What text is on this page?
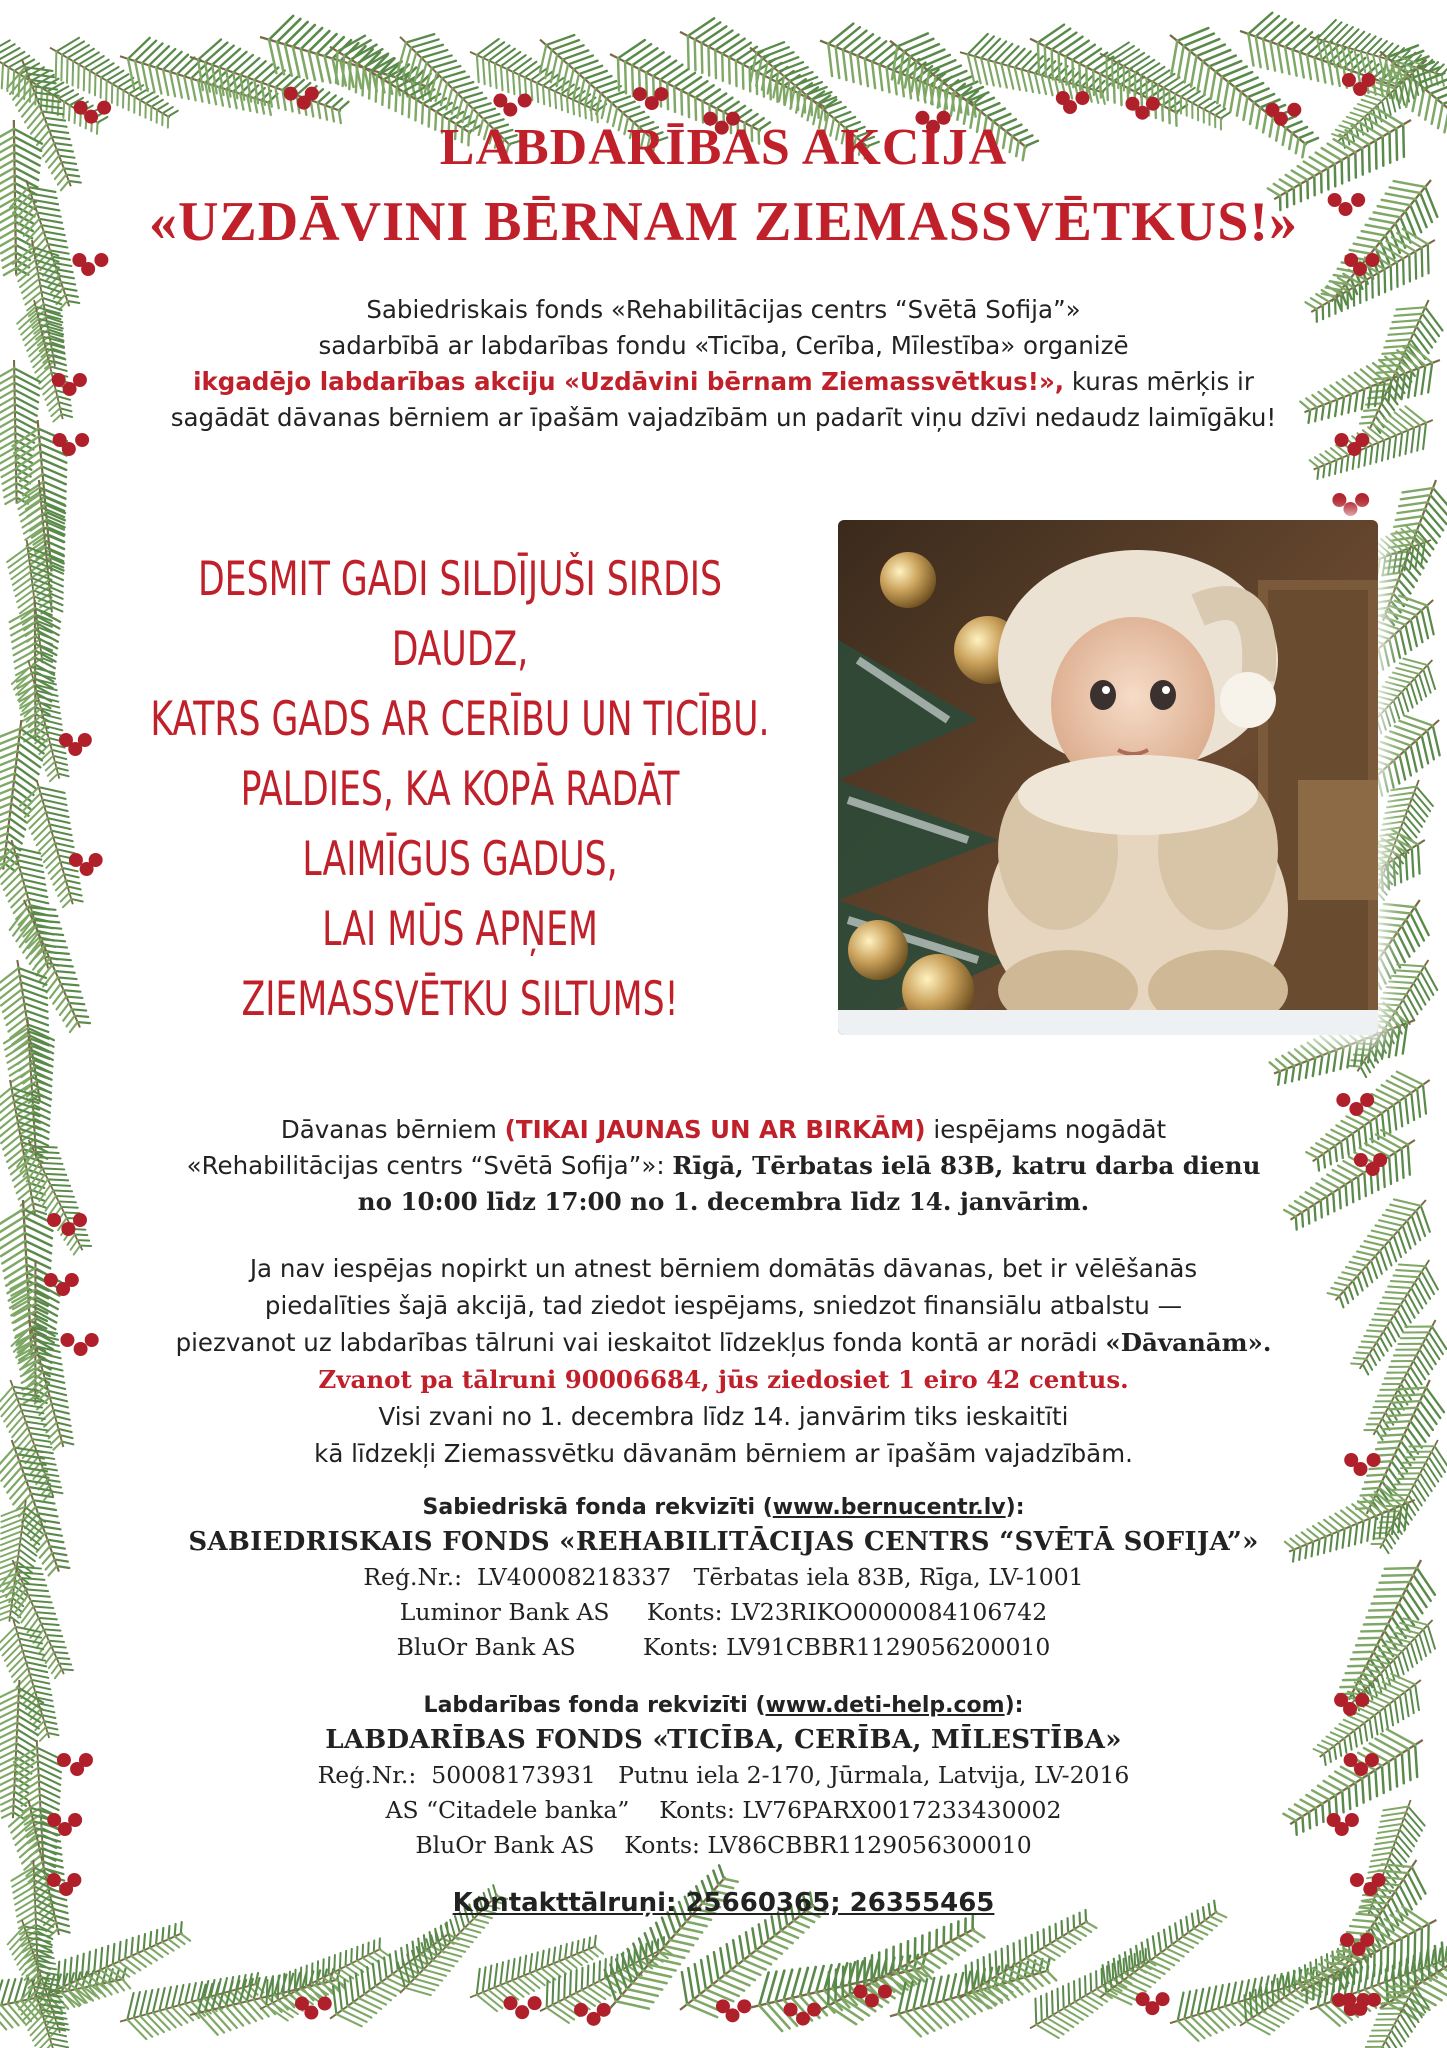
LABDARĪBAS AKCIJA
«UZDĀVINI BĒRNAM ZIEMASSVĒTKUS!»
Sabiedriskais fonds «Rehabilitācijas centrs “Svētā Sofija”»
sadarbībā ar labdarības fondu «Ticība, Cerība, Mīlestība» organizē
ikgadējo labdarības akciju «Uzdāvini bērnam Ziemassvētkus!», kuras mērķis ir
sagādāt dāvanas bērniem ar īpašām vajadzībām un padarīt viņu dzīvi nedaudz laimīgāku!
DESMIT GADI SILDĪJUŠI SIRDIS DAUDZ,
KATRS GADS AR CERĪBU UN TICĪBU.
PALDIES, KA KOPĀ RADĀT
LAIMĪGUS GADUS,
LAI MŪS APŅEM
ZIEMASSVĒTKU SILTUMS!
Dāvanas bērniem (TIKAI JAUNAS UN AR BIRKĀM) iespējams nogādāt
«Rehabilitācijas centrs “Svētā Sofija”»: Rīgā, Tērbatas ielā 83B, katru darba dienu
no 10:00 līdz 17:00 no 1. decembra līdz 14. janvārim.
Ja nav iespējas nopirkt un atnest bērniem domātās dāvanas, bet ir vēlēšanās
piedalīties šajā akcijā, tad ziedot iespējams, sniedzot finansiālu atbalstu —
piezvanot uz labdarības tālruni vai ieskaitot līdzekļus fonda kontā ar norādi «Dāvanām».
Zvanot pa tālruni 90006684, jūs ziedosiet 1 eiro 42 centus.
Visi zvani no 1. decembra līdz 14. janvārim tiks ieskaitīti
kā līdzekļi Ziemassvētku dāvanām bērniem ar īpašām vajadzībām.
Sabiedriskā fonda rekvizīti (www.bernucentr.lv):
SABIEDRISKAIS FONDS «REHABILITĀCIJAS CENTRS “SVĒTĀ SOFIJA”»
Reģ.Nr.:  LV40008218337   Tērbatas iela 83B, Rīga, LV-1001
Luminor Bank AS     Konts: LV23RIKO0000084106742
BluOr Bank AS         Konts: LV91CBBR1129056200010
Labdarības fonda rekvizīti (www.deti-help.com):
LABDARĪBAS FONDS «TICĪBA, CERĪBA, MĪLESTĪBA»
Reģ.Nr.:  50008173931   Putnu iela 2-170, Jūrmala, Latvija, LV-2016
AS “Citadele banka”    Konts: LV76PARX0017233430002
BluOr Bank AS    Konts: LV86CBBR1129056300010
Kontakttālruņi: 25660365; 26355465
